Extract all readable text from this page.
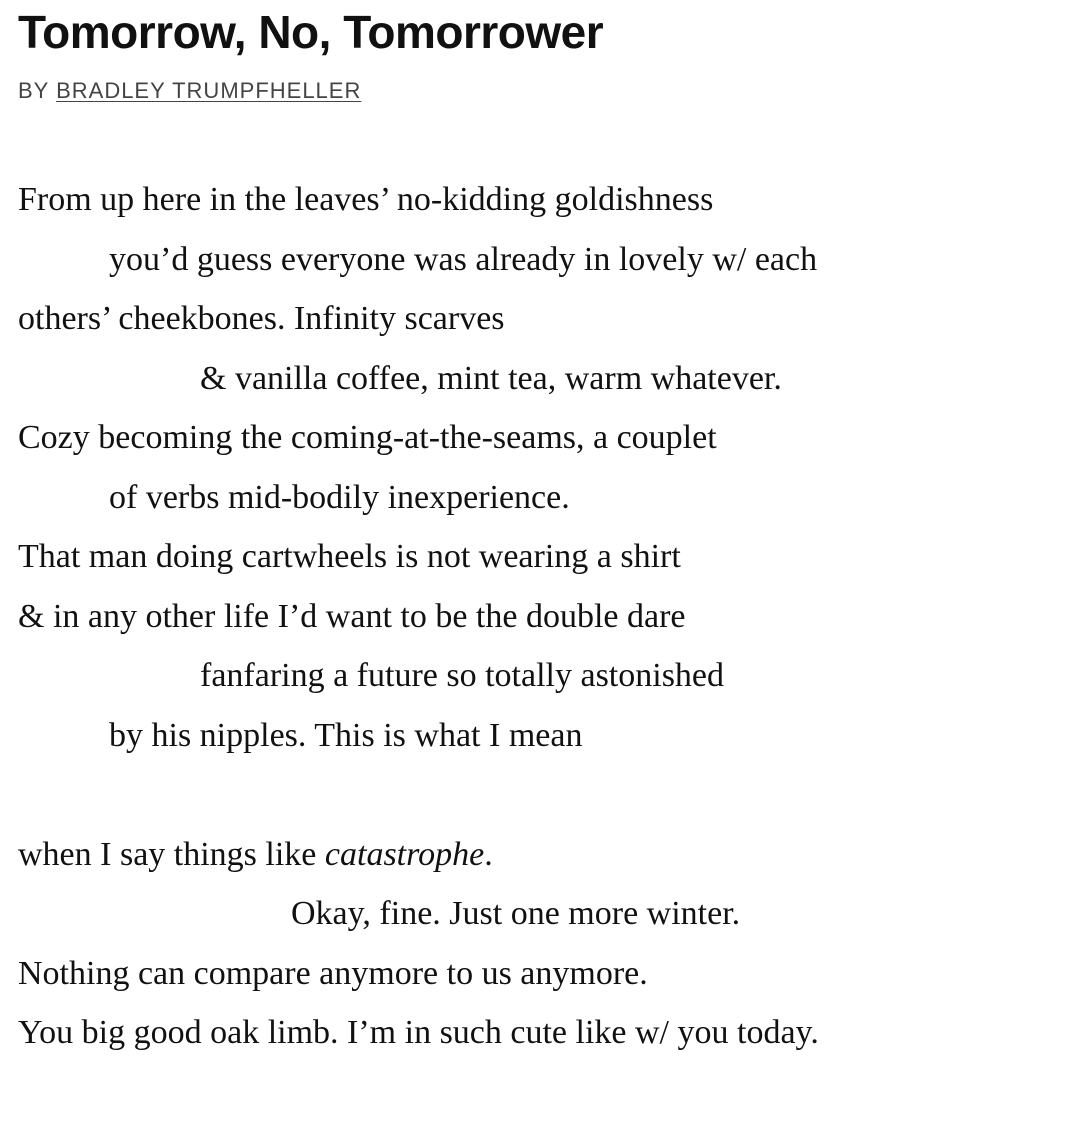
Tomorrow, No, Tomorrower
BY BRADLEY TRUMPFHELLER
From up here in the leaves’ no-kidding goldishness
you’d guess everyone was already in lovely w/ each
others’ cheekbones. Infinity scarves
& vanilla coffee, mint tea, warm whatever.
Cozy becoming the coming-at-the-seams, a couplet
of verbs mid-bodily inexperience.
That man doing cartwheels is not wearing a shirt
& in any other life I’d want to be the double dare
fanfaring a future so totally astonished
by his nipples. This is what I mean
when I say things like catastrophe.
Okay, fine. Just one more winter.
Nothing can compare anymore to us anymore.
You big good oak limb. I’m in such cute like w/ you today.
